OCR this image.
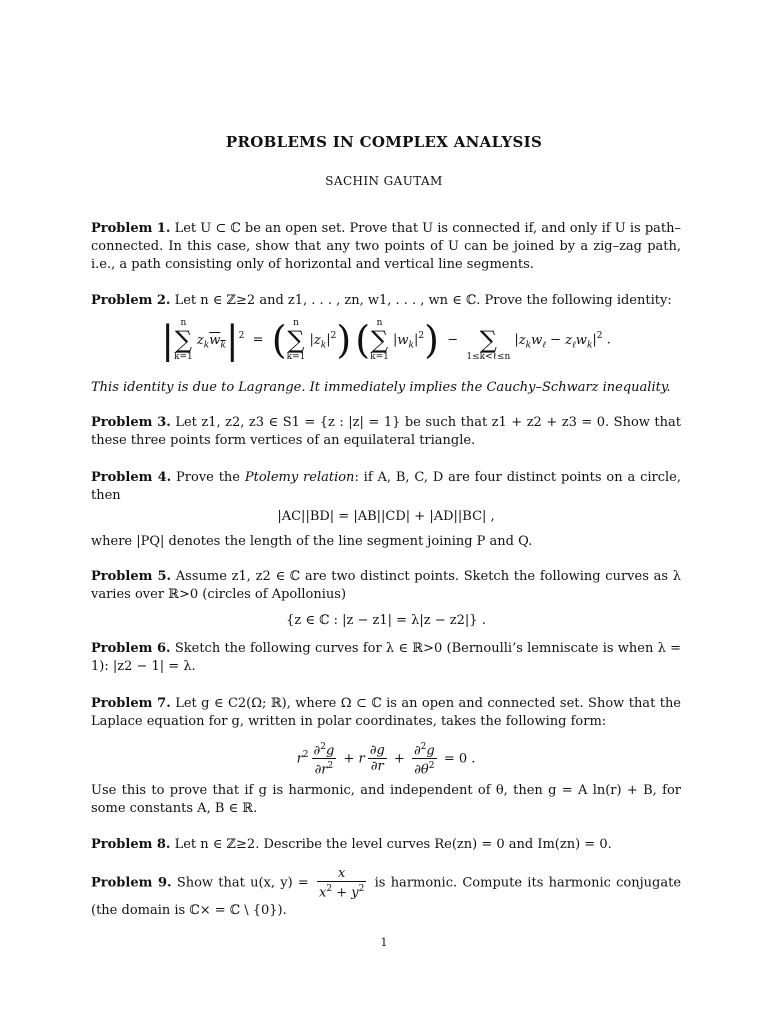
PROBLEMS IN COMPLEX ANALYSIS
SACHIN GAUTAM
Problem 1. Let U ⊂ ℂ be an open set. Prove that U is connected if, and only if U is path–connected. In this case, show that any two points of U can be joined by a zig–zag path, i.e., a path consisting only of horizontal and vertical line segments.
Problem 2. Let n ∈ ℤ≥2 and z1, . . . , zn, w1, . . . , wn ∈ ℂ. Prove the following identity:
| n
∑
k=1
$z_kw_k|^2$  =  ( n
∑
k=1
$|z_k|^2$) ( n
∑
k=1
$|w_k|^2$)  −
∑
1≤k<ℓ≤n
$|z_kw_\ell - z_\ell w_k|^2$ .
This identity is due to Lagrange. It immediately implies the Cauchy–Schwarz inequality.
Problem 3. Let z1, z2, z3 ∈ S1 = {z : |z| = 1} be such that z1 + z2 + z3 = 0. Show that these three points form vertices of an equilateral triangle.
Problem 4. Prove the Ptolemy relation: if A, B, C, D are four distinct points on a circle, then
|AC||BD| = |AB||CD| + |AD||BC| ,
where |PQ| denotes the length of the line segment joining P and Q.
Problem 5. Assume z1, z2 ∈ ℂ are two distinct points. Sketch the following curves as λ varies over ℝ>0 (circles of Apollonius)
{z ∈ ℂ : |z − z1| = λ|z − z2|} .
Problem 6. Sketch the following curves for λ ∈ ℝ>0 (Bernoulli’s lemniscate is when λ = 1): |z2 − 1| = λ.
Problem 7. Let g ∈ C2(Ω; ℝ), where Ω ⊂ ℂ is an open and connected set. Show that the Laplace equation for g, written in polar coordinates, takes the following form:
$r^2 \frac{\partial^2g}{\partial r^2} + r \frac{\partial g}{\partial r} + \frac{\partial^2g}{\partial\theta^2} = 0$ .
Use this to prove that if g is harmonic, and independent of θ, then g = A ln(r) + B, for some constants A, B ∈ ℝ.
Problem 8. Let n ∈ ℤ≥2. Describe the level curves Re(zn) = 0 and Im(zn) = 0.
Problem 9. Show that u(x, $y) = \frac{x}{x^2 + y^2}$ is harmonic. Compute its harmonic conjugate (the domain is ℂ× = ℂ \ {0}).
1
